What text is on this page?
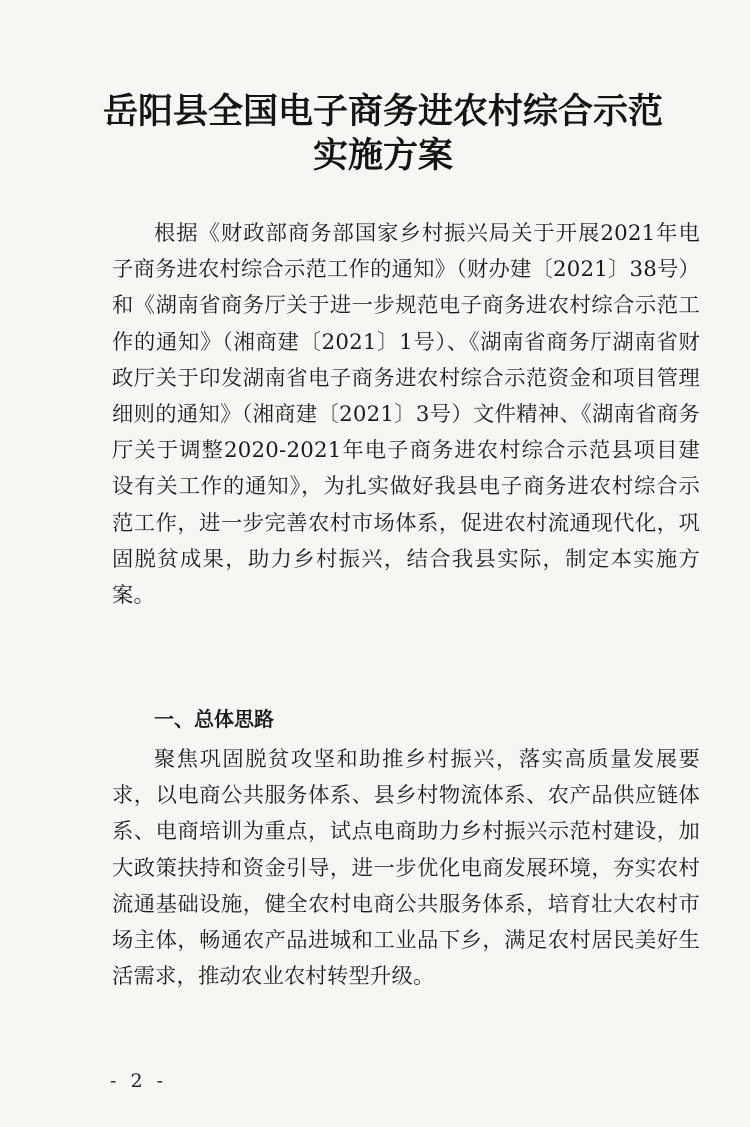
岳阳县全国电子商务进农村综合示范
实施方案

根据《财政部商务部国家乡村振兴局关于开展2021年电子商务进农村综合示范工作的通知》（财办建〔2021〕38号）和《湖南省商务厅关于进一步规范电子商务进农村综合示范工作的通知》（湘商建〔2021〕1号）、《湖南省商务厅湖南省财政厅关于印发湖南省电子商务进农村综合示范资金和项目管理细则的通知》（湘商建〔2021〕3号）文件精神、《湖南省商务厅关于调整2020-2021年电子商务进农村综合示范县项目建设有关工作的通知》，为扎实做好我县电子商务进农村综合示范工作，进一步完善农村市场体系，促进农村流通现代化，巩固脱贫成果，助力乡村振兴，结合我县实际，制定本实施方案。

一、总体思路

聚焦巩固脱贫攻坚和助推乡村振兴，落实高质量发展要求，以电商公共服务体系、县乡村物流体系、农产品供应链体系、电商培训为重点，试点电商助力乡村振兴示范村建设，加大政策扶持和资金引导，进一步优化电商发展环境，夯实农村流通基础设施，健全农村电商公共服务体系，培育壮大农村市场主体，畅通农产品进城和工业品下乡，满足农村居民美好生活需求，推动农业农村转型升级。

- 2 -
